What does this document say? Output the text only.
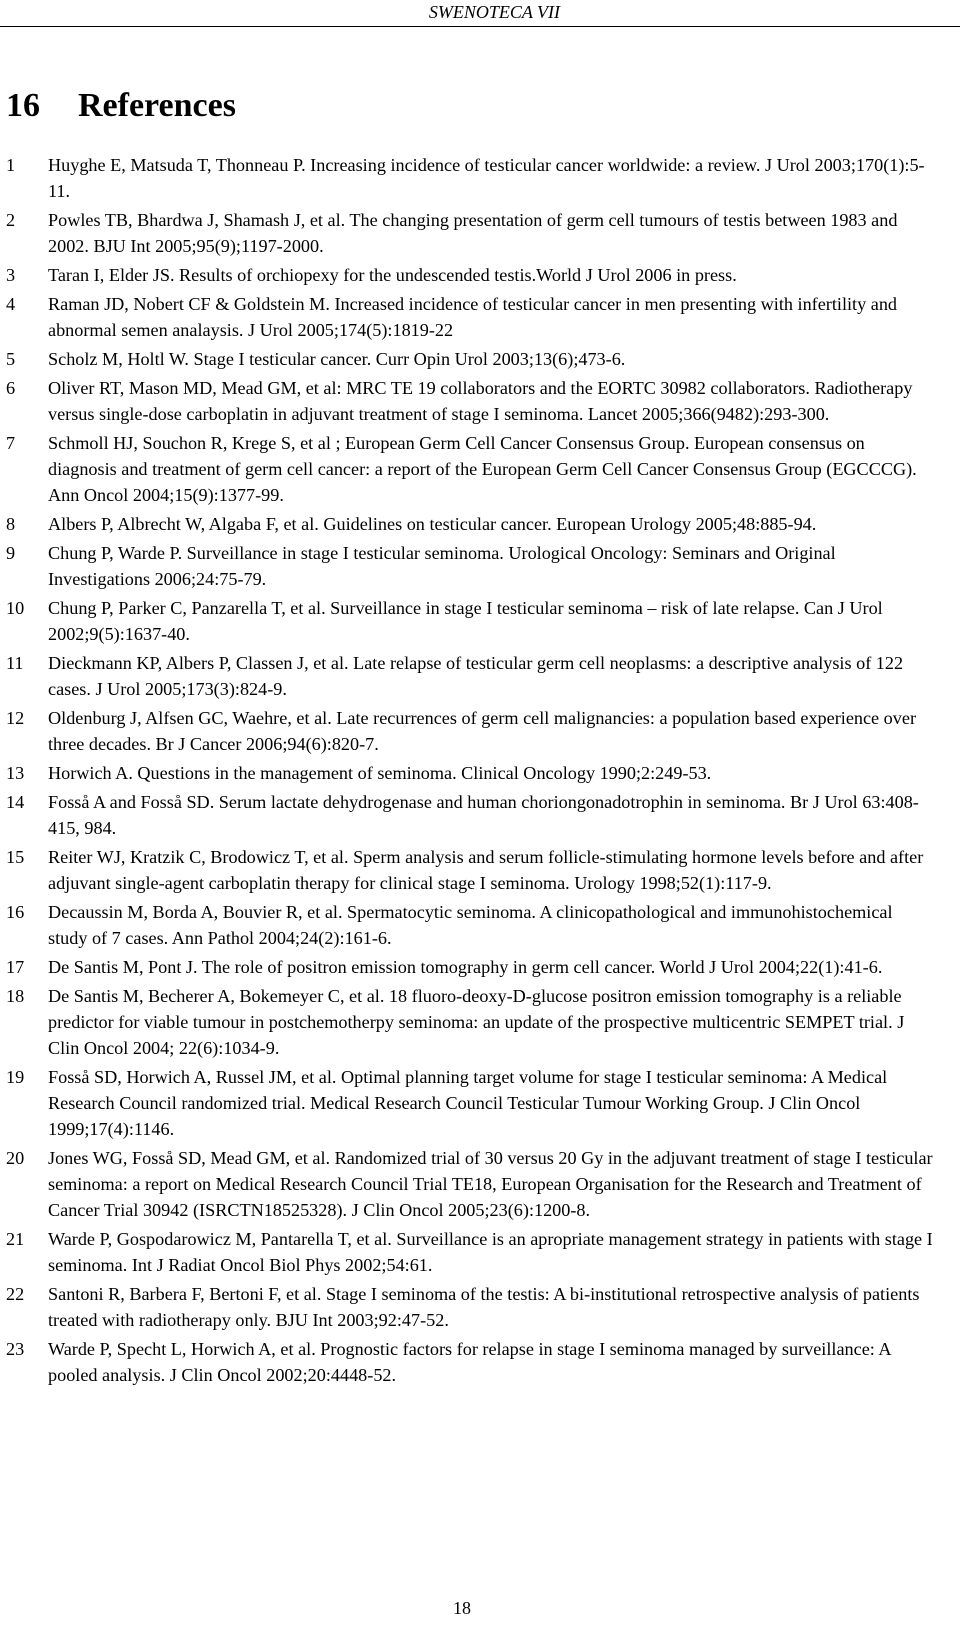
SWENOTECA VII
16	References
1	Huyghe E, Matsuda T, Thonneau P. Increasing incidence of testicular cancer worldwide: a review. J Urol 2003;170(1):5-11.
2	Powles TB, Bhardwa J, Shamash J, et al. The changing presentation of germ cell tumours of testis between 1983 and 2002. BJU Int 2005;95(9);1197-2000.
3	Taran I, Elder JS. Results of orchiopexy for the undescended testis.World J Urol 2006 in press.
4	Raman JD, Nobert CF & Goldstein M. Increased incidence of testicular cancer in men presenting with infertility and abnormal semen analaysis. J Urol 2005;174(5):1819-22
5	Scholz M, Holtl W. Stage I testicular cancer. Curr Opin Urol 2003;13(6);473-6.
6	Oliver RT, Mason MD, Mead GM, et al: MRC TE 19 collaborators and the EORTC 30982 collaborators. Radiotherapy versus single-dose carboplatin in adjuvant treatment of stage I seminoma. Lancet 2005;366(9482):293-300.
7	Schmoll HJ, Souchon R, Krege S, et al ; European Germ Cell Cancer Consensus Group. European consensus on diagnosis and treatment of germ cell cancer: a report of the European Germ Cell Cancer Consensus Group (EGCCCG). Ann Oncol 2004;15(9):1377-99.
8	Albers P, Albrecht W, Algaba F, et al. Guidelines on testicular cancer. European Urology 2005;48:885-94.
9	Chung P, Warde P. Surveillance in stage I testicular seminoma. Urological Oncology: Seminars and Original Investigations 2006;24:75-79.
10	Chung P, Parker C, Panzarella T, et al. Surveillance in stage I testicular seminoma – risk of late relapse. Can J Urol 2002;9(5):1637-40.
11	Dieckmann KP, Albers P, Classen J, et al. Late relapse of testicular germ cell neoplasms: a descriptive analysis of 122 cases. J Urol 2005;173(3):824-9.
12	Oldenburg J, Alfsen GC, Waehre, et al. Late recurrences of germ cell malignancies: a population based experience over three decades. Br J Cancer 2006;94(6):820-7.
13	Horwich A. Questions in the management of seminoma. Clinical Oncology 1990;2:249-53.
14	Fosså A and Fosså SD. Serum lactate dehydrogenase and human choriongonadotrophin in seminoma. Br J Urol 63:408-415, 984.
15	Reiter WJ, Kratzik C, Brodowicz T, et al. Sperm analysis and serum follicle-stimulating hormone levels before and after adjuvant single-agent carboplatin therapy for clinical stage I seminoma. Urology 1998;52(1):117-9.
16	Decaussin M, Borda A, Bouvier R, et al. Spermatocytic seminoma. A clinicopathological and immunohistochemical study of 7 cases. Ann Pathol 2004;24(2):161-6.
17	De Santis M, Pont J. The role of positron emission tomography in germ cell cancer. World J Urol 2004;22(1):41-6.
18	De Santis M, Becherer A, Bokemeyer C, et al. 18 fluoro-deoxy-D-glucose positron emission tomography is a reliable predictor for viable tumour in postchemotherpy seminoma: an update of the prospective multicentric SEMPET trial. J Clin Oncol 2004; 22(6):1034-9.
19	Fosså SD, Horwich A, Russel JM, et al. Optimal planning target volume for stage I testicular seminoma: A Medical Research Council randomized trial. Medical Research Council Testicular Tumour Working Group. J Clin Oncol 1999;17(4):1146.
20	Jones WG, Fosså SD, Mead GM, et al. Randomized trial of 30 versus 20 Gy in the adjuvant treatment of stage I testicular seminoma: a report on Medical Research Council Trial TE18, European Organisation for the Research and Treatment of Cancer Trial 30942 (ISRCTN18525328). J Clin Oncol 2005;23(6):1200-8.
21	Warde P, Gospodarowicz M, Pantarella T, et al. Surveillance is an apropriate management strategy in patients with stage I seminoma. Int J Radiat Oncol Biol Phys 2002;54:61.
22	Santoni R, Barbera F, Bertoni F, et al. Stage I seminoma of the testis: A bi-institutional retrospective analysis of patients treated with radiotherapy only. BJU Int 2003;92:47-52.
23	Warde P, Specht L, Horwich A, et al. Prognostic factors for relapse in stage I seminoma managed by surveillance: A pooled analysis. J Clin Oncol 2002;20:4448-52.
18
